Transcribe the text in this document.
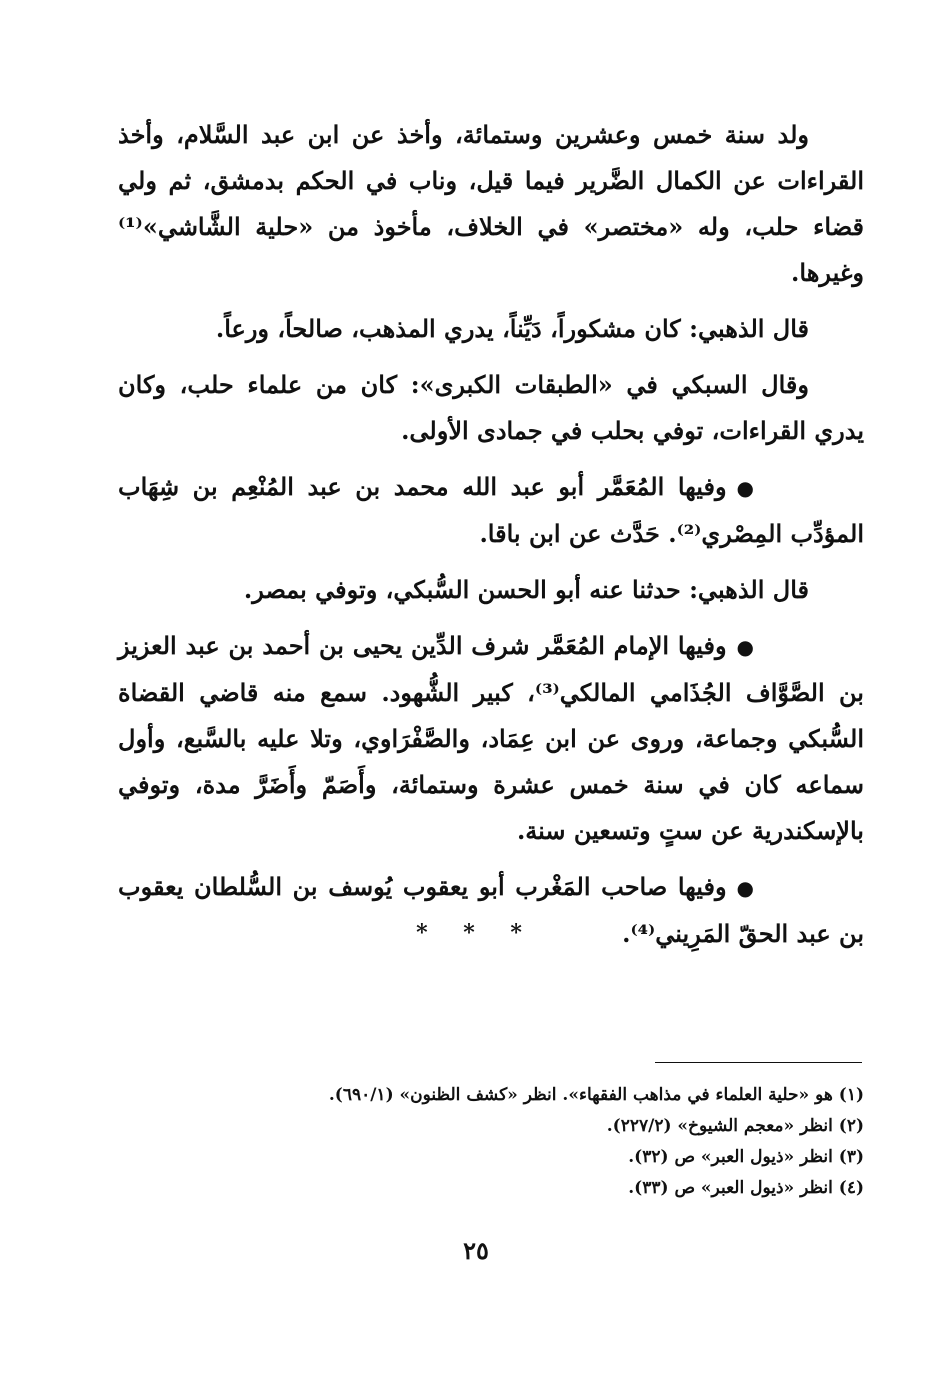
ولد سنة خمس وعشرين وستمائة، وأخذ عن ابن عبد السَّلام، وأخذ القراءات عن الكمال الضَّرير فيما قيل، وناب في الحكم بدمشق، ثم ولي قضاء حلب، وله «مختصر» في الخلاف، مأخوذ من «حلية الشَّاشي»⁽¹⁾ وغيرها.

قال الذهبي: كان مشكوراً، دَيِّناً، يدري المذهب، صالحاً، ورعاً.

وقال السبكي في «الطبقات الكبرى»: كان من علماء حلب، وكان يدري القراءات، توفي بحلب في جمادى الأولى.

●وفيها المُعَمَّر أبو عبد الله محمد بن عبد المُنْعِم بن شِهَاب المؤدِّب المِصْري⁽²⁾. حَدَّث عن ابن باقا.

قال الذهبي: حدثنا عنه أبو الحسن السُّبكي، وتوفي بمصر.

●وفيها الإمام المُعَمَّر شرف الدِّين يحيى بن أحمد بن عبد العزيز بن الصَّوَّاف الجُذَامي المالكي⁽³⁾، كبير الشُّهود. سمع منه قاضي القضاة السُّبكي وجماعة، وروى عن ابن عِمَاد، والصَّفْرَاوي، وتلا عليه بالسَّبع، وأول سماعه كان في سنة خمس عشرة وستمائة، وأَصَمّ وأَضَرَّ مدة، وتوفي بالإسكندرية عن ستٍ وتسعين سنة.

●وفيها صاحب المَغْرب أبو يعقوب يُوسف بن السُّلطان يعقوب بن عبد الحقّ المَرِيني⁽⁴⁾.

* * *

(١) هو «حلية العلماء في مذاهب الفقهاء». انظر «كشف الظنون» (٦٩٠/١).

(٢) انظر «معجم الشيوخ» (٢٢٧/٢).

(٣) انظر «ذيول العبر» ص (٣٢).

(٤) انظر «ذيول العبر» ص (٣٣).

٢٥
